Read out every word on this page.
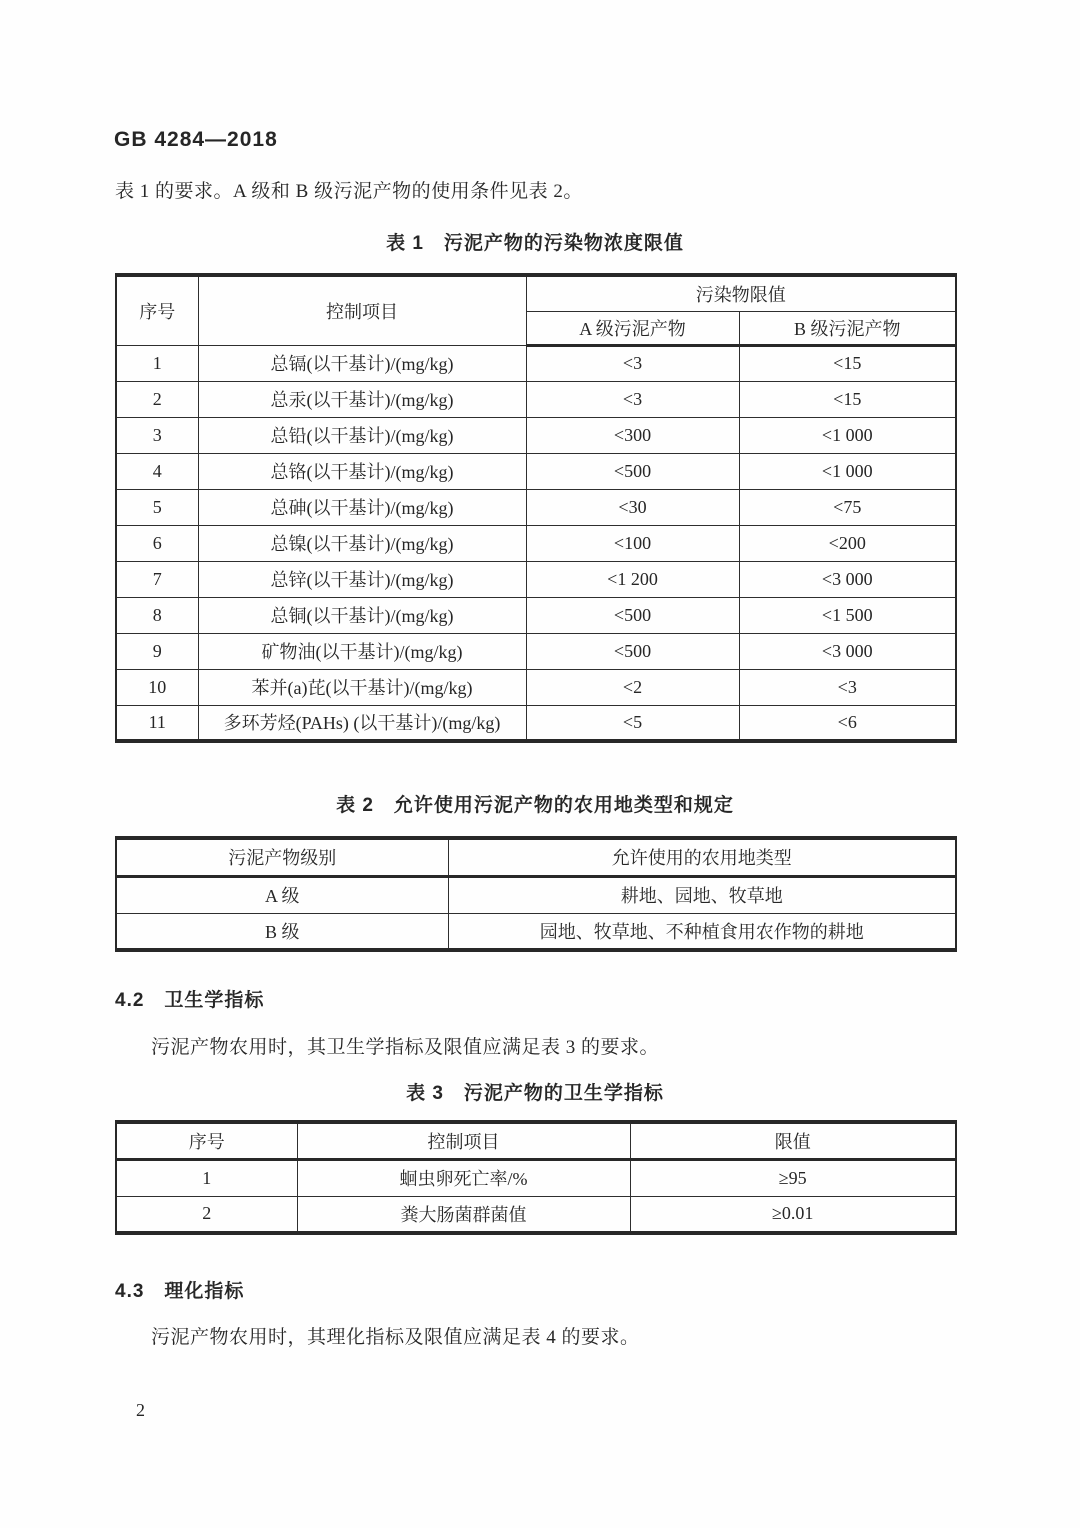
GB 4284—2018
表 1 的要求。A 级和 B 级污泥产物的使用条件见表 2。
表 1　污泥产物的污染物浓度限值
序号	控制项目	污染物限值	
		A 级污泥产物	B 级污泥产物
1	总镉(以干基计)/(mg/kg)	<3	<15
2	总汞(以干基计)/(mg/kg)	<3	<15
3	总铅(以干基计)/(mg/kg)	<300	<1 000
4	总铬(以干基计)/(mg/kg)	<500	<1 000
5	总砷(以干基计)/(mg/kg)	<30	<75
6	总镍(以干基计)/(mg/kg)	<100	<200
7	总锌(以干基计)/(mg/kg)	<1 200	<3 000
8	总铜(以干基计)/(mg/kg)	<500	<1 500
9	矿物油(以干基计)/(mg/kg)	<500	<3 000
10	苯并(a)芘(以干基计)/(mg/kg)	<2	<3
11	多环芳烃(PAHs) (以干基计)/(mg/kg)	<5	<6
表 2　允许使用污泥产物的农用地类型和规定
污泥产物级别	允许使用的农用地类型
A 级	耕地、园地、牧草地
B 级	园地、牧草地、不种植食用农作物的耕地
4.2　卫生学指标
污泥产物农用时，其卫生学指标及限值应满足表 3 的要求。
表 3　污泥产物的卫生学指标
序号	控制项目	限值
1	蛔虫卵死亡率/%	≥95
2	粪大肠菌群菌值	≥0.01
4.3　理化指标
污泥产物农用时，其理化指标及限值应满足表 4 的要求。
2
